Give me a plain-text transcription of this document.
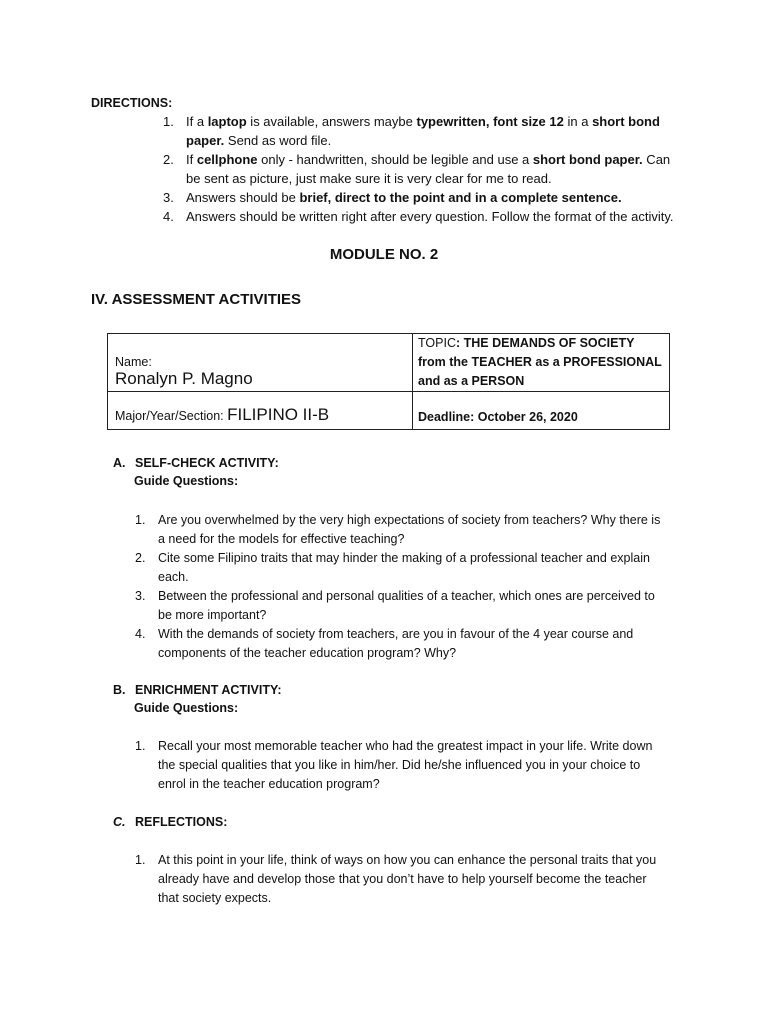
DIRECTIONS:
1. If a laptop is available, answers maybe typewritten, font size 12 in a short bond paper. Send as word file.
2. If cellphone only - handwritten, should be legible and use a short bond paper. Can be sent as picture, just make sure it is very clear for me to read.
3. Answers should be brief, direct to the point and in a complete sentence.
4. Answers should be written right after every question. Follow the format of the activity.
MODULE NO. 2
IV. ASSESSMENT ACTIVITIES
Name:
Ronalyn P. Magno	TOPIC: THE DEMANDS OF SOCIETY from the TEACHER as a PROFESSIONAL and as a PERSON

Major/Year/Section: FILIPINO II-B	Deadline: October 26, 2020
A. SELF-CHECK ACTIVITY:
Guide Questions:
1. Are you overwhelmed by the very high expectations of society from teachers? Why there is a need for the models for effective teaching?
2. Cite some Filipino traits that may hinder the making of a professional teacher and explain each.
3. Between the professional and personal qualities of a teacher, which ones are perceived to be more important?
4. With the demands of society from teachers, are you in favour of the 4 year course and components of the teacher education program? Why?
B. ENRICHMENT ACTIVITY:
Guide Questions:
1. Recall your most memorable teacher who had the greatest impact in your life. Write down the special qualities that you like in him/her. Did he/she influenced you in your choice to enrol in the teacher education program?
C. REFLECTIONS:
1. At this point in your life, think of ways on how you can enhance the personal traits that you already have and develop those that you don’t have to help yourself become the teacher that society expects.
